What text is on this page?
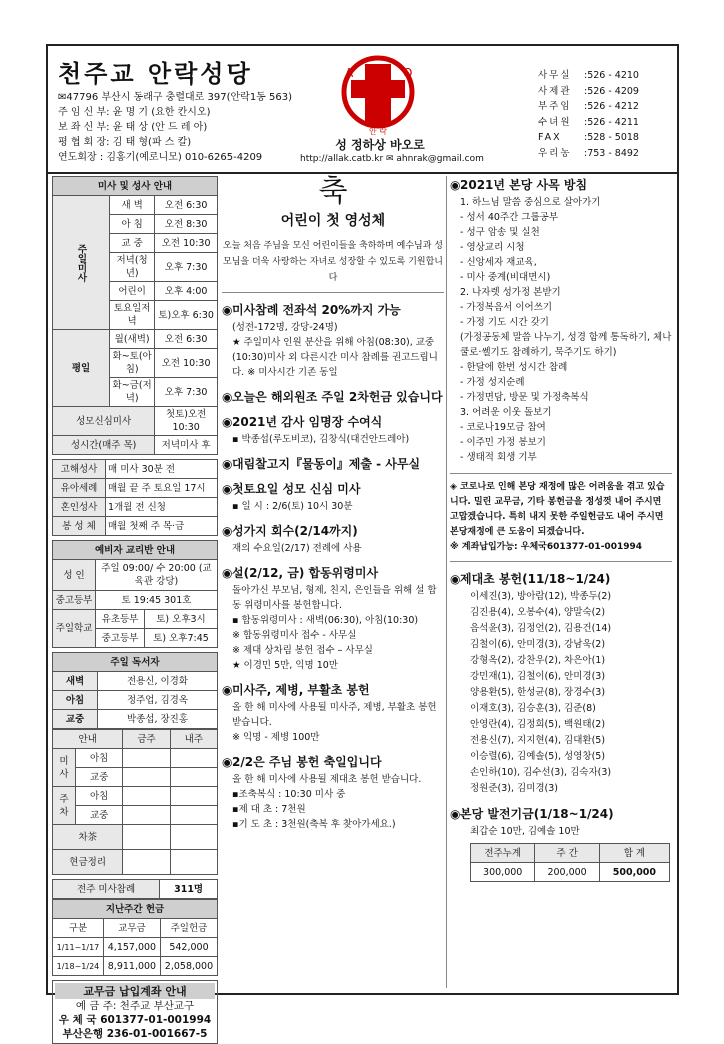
천주교 안락성당
✉47796 부산시 동래구 충렬대로 397(안락1동 563)
주 임 신 부: 윤 명 기 (요한 칸시오)
보 좌 신 부: 윤 태 상 (안 드 레 아)
평 협 회 장: 김 태 형(파 스 칼)
연도회장 : 김홍기(예로니모) 010-6265-4209
A	O
안 락
성 정하상 바오로
http://allak.catb.kr ✉ ahnrak@gmail.com
사무실	: 526 - 4210
사제관	: 526 - 4209
부주임	: 526 - 4212
수녀원	: 526 - 4211
FAX	: 528 - 5018
우리농	: 753 - 8492
미사 및 성사 안내		
주일미사	새 벽	오전 6:30
	아 침	오전 8:30
	교 중	오전 10:30
	저녁(청년)	오후 7:30
	어린이	오후 4:00
	토요일저녁	토)오후 6:30
평일	월(새벽)	오전 6:30
	화~토(아침)	오전 10:30
	화~금(저녁)	오후 7:30
성모신심미사		첫토)오전 10:30
성시간(매주 목)		저녁미사 후
고해성사	매 미사 30분 전
유아세례	매월 끝 주 토요일 17시
혼인성사	1개월 전 신청
봉 성 체	매월 첫째 주 목·금
예비자 교리반 안내		
성 인	주일 09:00/ 수 20:00 (교육관 강당)	
중고등부	토 19:45 301호	
주일학교	유초등부	토) 오후3시
	중고등부	토) 오후7:45
주일 독서자	
새벽	전용신, 이경화
아침	정주업, 김경옥
교중	박종섭, 장진홍
안내		금주	내주
미사	아침		
	교중		
주차	아침		
	교중		
차茶			
현금정리			
전주 미사참례	311명
지난주간 헌금		
구분	교무금	주일헌금
1/11~1/17	4,157,000	542,000
1/18~1/24	8,911,000	2,058,000
교무금 납입계좌 안내
예 금 주: 천주교 부산교구
우 체 국 601377-01-001994
부산은행 236-01-001667-5
축
어린이 첫 영성체
오늘 처음 주님을 모신 어린이들을 축하하며 예수님과 성모님을 더욱 사랑하는 자녀로 성장할 수 있도록 기원합니다
◉미사참례 전좌석 20%까지 가능
(성전-172명, 강당-24명)
★ 주일미사 인원 분산을 위해 아침(08:30), 교중(10:30)미사 외 다른시간 미사 참례를 권고드립니다. ※ 미사시간 기존 동일
◉오늘은 해외원조 주일 2차헌금 있습니다
◉2021년 감사 임명장 수여식
▪ 박종섭(루도비코), 김창식(대건안드레아)
◉대림찰고지『물동이』제출 - 사무실
◉첫토요일 성모 신심 미사
▪ 일 시 : 2/6(토) 10시 30분
◉성가지 회수(2/14까지)
재의 수요일(2/17) 전례에 사용
◉설(2/12, 금) 합동위령미사
돌아가신 부모님, 형제, 친지, 은인들을 위해 설 합동 위령미사를 봉헌합니다.
▪ 합동위령미사 : 새벽(06:30), 아침(10:30)
※ 합동위령미사 접수 - 사무실
※ 제대 상차림 봉헌 접수 – 사무실
★ 이경민 5만, 익명 10만
◉미사주, 제병, 부활초 봉헌
올 한 해 미사에 사용될 미사주, 제병, 부활초 봉헌 받습니다.
※ 익명 - 제병 100만
◉2/2은 주님 봉헌 축일입니다
올 한 해 미사에 사용될 제대초 봉헌 받습니다.
▪조축복식 : 10:30 미사 중
▪제 대 초 : 7천원
▪기 도 초 : 3천원(축복 후 찾아가세요.)
◉2021년 본당 사목 방침
1. 하느님 말씀 중심으로 살아가기
- 성서 40주간 그룹공부
- 성구 암송 및 실천
- 영상교리 시청
- 신앙세자 재교육,
- 미사 중계(비대면시)
2. 나자렛 성가정 본받기
- 가정복음서 이어쓰기
- 가정 기도 시간 갖기
(가정공동체 말씀 나누기, 성경 함께 통독하기, 체나쿨로·쎌기도 참례하기, 묵주기도 하기)
- 한달에 한번 성시간 참례
- 가정 성지순례
- 가정면담, 방문 및 가정축복식
3. 어려운 이웃 돌보기
- 코로나19모금 참여
- 이주민 가정 봉보기
- 생태적 회생 기부
◈ 코로나로 인해 본당 재정에 많은 어려움을 겪고 있습니다. 밀린 교무금, 기타 봉헌금을 정성껏 내어 주시면 고맙겠습니다. 특히 내지 못한 주일헌금도 내어 주시면 본당재정에 큰 도움이 되겠습니다.
※ 계좌납입가능: 우체국601377-01-001994
◉제대초 봉헌(11/18~1/24)
이세진(3), 방아람(12), 박종두(2)
김진용(4), 오봉수(4), 양말숙(2)
음석윤(3), 김정언(2), 김용건(14)
김철이(6), 안미경(3), 강남욱(2)
강형옥(2), 강찬우(2), 차은아(1)
강민재(1), 김철이(6), 안미경(3)
양용환(5), 한성균(8), 장경수(3)
이재호(3), 김승훈(3), 김준(8)
안영란(4), 김정희(5), 백원태(2)
전용신(7), 지지현(4), 김대환(5)
이승렬(6), 김예솔(5), 성영창(5)
손인하(10), 김수선(3), 김숙자(3)
정원준(3), 김미경(3)
◉본당 발전기금(1/18~1/24)
최갑순 10만, 김예솔 10만
전주누계	주 간	합 계
300,000	200,000	500,000
